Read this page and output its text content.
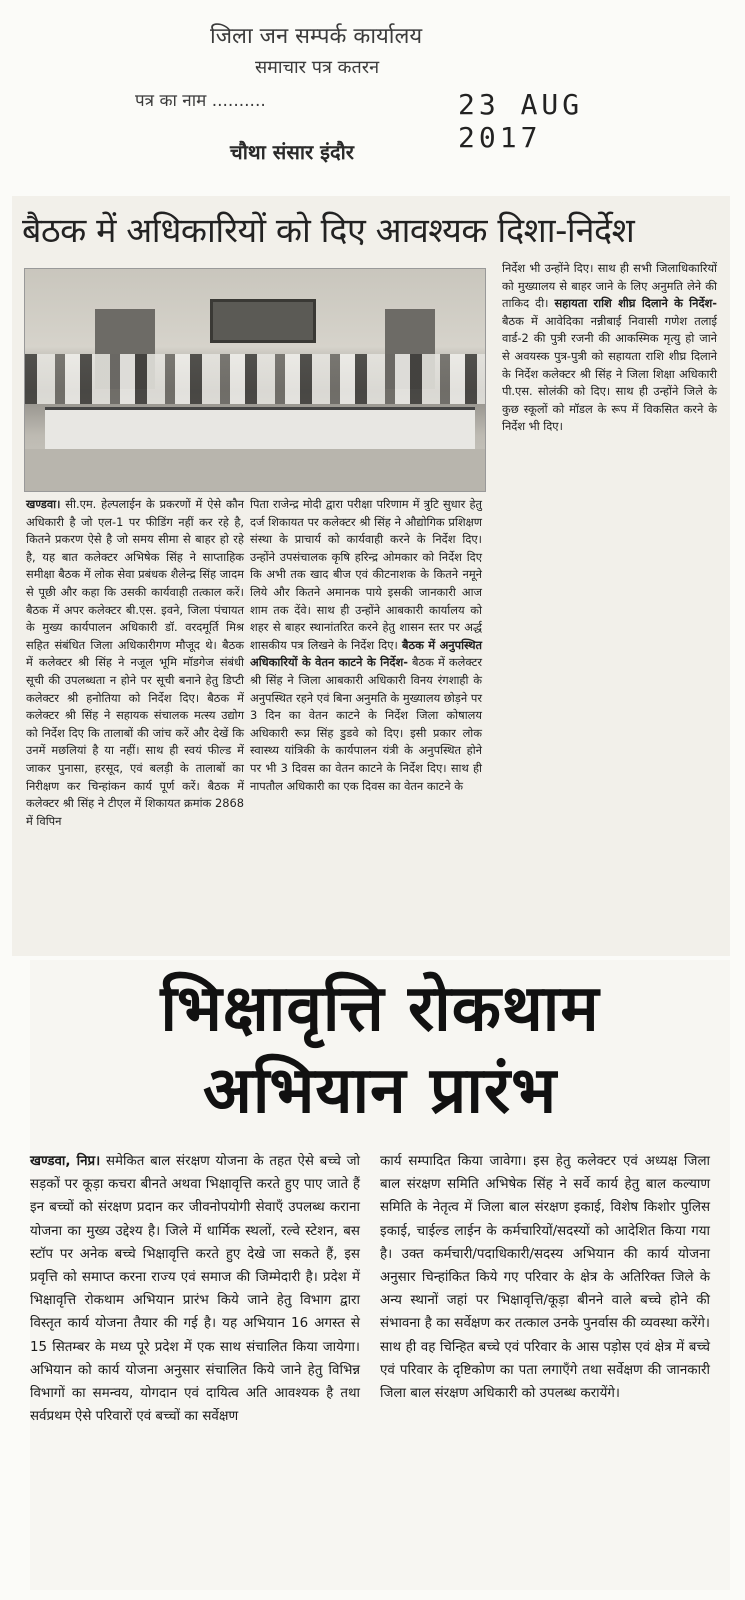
जिला जन सम्पर्क कार्यालय
समाचार पत्र कतरन
पत्र का नाम ..........	23 AUG 2017
चौथा संसार इंदौर
बैठक में अधिकारियों को दिए आवश्यक दिशा-निर्देश

खण्डवा। सी.एम. हेल्पलाईन के प्रकरणों में ऐसे कौन अधिकारी है जो एल-1 पर फीडिंग नहीं कर रहे है, कितने प्रकरण ऐसे है जो समय सीमा से बाहर हो रहे है, यह बात कलेक्टर अभिषेक सिंह ने साप्ताहिक समीक्षा बैठक में लोक सेवा प्रबंधक शैलेन्द्र सिंह जादम से पूछी और कहा कि उसकी कार्यवाही तत्काल करें। बैठक में अपर कलेक्टर बी.एस. इवने, जिला पंचायत के मुख्य कार्यपालन अधिकारी डॉ. वरदमूर्ति मिश्र सहित संबंधित जिला अधिकारीगण मौजूद थे। बैठक में कलेक्टर श्री सिंह ने नजूल भूमि मॉडगेज संबंधी सूची की उपलब्धता न होने पर सूची बनाने हेतु डिप्टी कलेक्टर श्री हनोतिया को निर्देश दिए। बैठक में कलेक्टर श्री सिंह ने सहायक संचालक मत्स्य उद्योग को निर्देश दिए कि तालाबों की जांच करें और देखें कि उनमें मछलियां है या नहीं। साथ ही स्वयं फील्ड में जाकर पुनासा, हरसूद, एवं बलड़ी के तालाबों का निरीक्षण कर चिन्हांकन कार्य पूर्ण करें। बैठक में कलेक्टर श्री सिंह ने टीएल में शिकायत क्रमांक 2868 में विपिन

पिता राजेन्द्र मोदी द्वारा परीक्षा परिणाम में त्रुटि सुधार हेतु दर्ज शिकायत पर कलेक्टर श्री सिंह ने औद्योगिक प्रशिक्षण संस्था के प्राचार्य को कार्यवाही करने के निर्देश दिए। उन्होंने उपसंचालक कृषि हरिन्द्र ओमकार को निर्देश दिए कि अभी तक खाद बीज एवं कीटनाशक के कितने नमूने लिये और कितने अमानक पाये इसकी जानकारी आज शाम तक देंवे। साथ ही उन्होंने आबकारी कार्यालय को शहर से बाहर स्थानांतरित करने हेतु शासन स्तर पर अर्द्ध शासकीय पत्र लिखने के निर्देश दिए। बैठक में अनुपस्थित अधिकारियों के वेतन काटने के निर्देश- बैठक में कलेक्टर श्री सिंह ने जिला आबकारी अधिकारी विनय रंगशाही के अनुपस्थित रहने एवं बिना अनुमति के मुख्यालय छोड़ने पर 3 दिन का वेतन काटने के निर्देश जिला कोषालय अधिकारी रूप्न सिंह डुडवे को दिए। इसी प्रकार लोक स्वास्थ्य यांत्रिकी के कार्यपालन यंत्री के अनुपस्थित होने पर भी 3 दिवस का वेतन काटने के निर्देश दिए। साथ ही नापतौल अधिकारी का एक दिवस का वेतन काटने के

निर्देश भी उन्होंने दिए। साथ ही सभी जिलाधिकारियों को मुख्यालय से बाहर जाने के लिए अनुमति लेने की ताकिद दी। सहायता राशि शीघ्र दिलाने के निर्देश- बैठक में आवेदिका नन्नीबाई निवासी गणेश तलाई वार्ड-2 की पुत्री रजनी की आकस्मिक मृत्यु हो जाने से अवयस्क पुत्र-पुत्री को सहायता राशि शीघ्र दिलाने के निर्देश कलेक्टर श्री सिंह ने जिला शिक्षा अधिकारी पी.एस. सोलंकी को दिए। साथ ही उन्होंने जिले के कुछ स्कूलों को मॉडल के रूप में विकसित करने के निर्देश भी दिए।

भिक्षावृत्ति रोकथाम
अभियान प्रारंभ

खण्डवा, निप्र। समेकित बाल संरक्षण योजना के तहत ऐसे बच्चे जो सड़कों पर कूड़ा कचरा बीनते अथवा भिक्षावृत्ति करते हुए पाए जाते हैं इन बच्चों को संरक्षण प्रदान कर जीवनोपयोगी सेवाएँ उपलब्ध कराना योजना का मुख्य उद्देश्य है। जिले में धार्मिक स्थलों, रल्वे स्टेशन, बस स्टॉप पर अनेक बच्चे भिक्षावृत्ति करते हुए देखे जा सकते हैं, इस प्रवृत्ति को समाप्त करना राज्य एवं समाज की जिम्मेदारी है। प्रदेश में भिक्षावृत्ति रोकथाम अभियान प्रारंभ किये जाने हेतु विभाग द्वारा विस्तृत कार्य योजना तैयार की गई है। यह अभियान 16 अगस्त से 15 सितम्बर के मध्य पूरे प्रदेश में एक साथ संचालित किया जायेगा। अभियान को कार्य योजना अनुसार संचालित किये जाने हेतु विभिन्न विभागों का समन्वय, योगदान एवं दायित्व अति आवश्यक है तथा सर्वप्रथम ऐसे परिवारों एवं बच्चों का सर्वेक्षण

कार्य सम्पादित किया जावेगा। इस हेतु कलेक्टर एवं अध्यक्ष जिला बाल संरक्षण समिति अभिषेक सिंह ने सर्वे कार्य हेतु बाल कल्याण समिति के नेतृत्व में जिला बाल संरक्षण इकाई, विशेष किशोर पुलिस इकाई, चाईल्ड लाईन के कर्मचारियों/सदस्यों को आदेशित किया गया है। उक्त कर्मचारी/पदाधिकारी/सदस्य अभियान की कार्य योजना अनुसार चिन्हांकित किये गए परिवार के क्षेत्र के अतिरिक्त जिले के अन्य स्थानों जहां पर भिक्षावृत्ति/कूड़ा बीनने वाले बच्चे होने की संभावना है का सर्वेक्षण कर तत्काल उनके पुनर्वास की व्यवस्था करेंगे। साथ ही वह चिन्हित बच्चे एवं परिवार के आस पड़ोस एवं क्षेत्र में बच्चे एवं परिवार के दृष्टिकोण का पता लगाएँगे तथा सर्वेक्षण की जानकारी जिला बाल संरक्षण अधिकारी को उपलब्ध करायेंगे।
